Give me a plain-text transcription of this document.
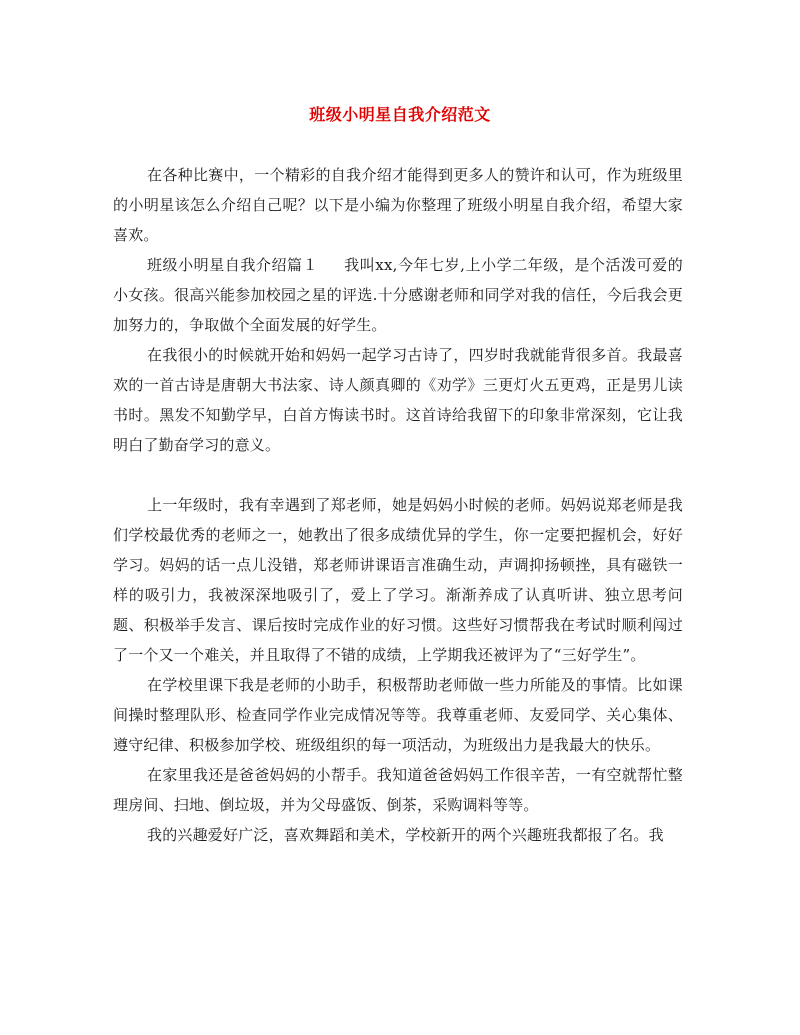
班级小明星自我介绍范文

在各种比赛中，一个精彩的自我介绍才能得到更多人的赞许和认可，作为班级里的小明星该怎么介绍自己呢？以下是小编为你整理了班级小明星自我介绍，希望大家喜欢。

班级小明星自我介绍篇１ 我叫xx,今年七岁,上小学二年级，是个活泼可爱的小女孩。很高兴能参加校园之星的评选.十分感谢老师和同学对我的信任，今后我会更加努力的，争取做个全面发展的好学生。

在我很小的时候就开始和妈妈一起学习古诗了，四岁时我就能背很多首。我最喜欢的一首古诗是唐朝大书法家、诗人颜真卿的《劝学》三更灯火五更鸡，正是男儿读书时。黑发不知勤学早，白首方悔读书时。这首诗给我留下的印象非常深刻，它让我明白了勤奋学习的意义。

上一年级时，我有幸遇到了郑老师，她是妈妈小时候的老师。妈妈说郑老师是我们学校最优秀的老师之一，她教出了很多成绩优异的学生，你一定要把握机会，好好学习。妈妈的话一点儿没错，郑老师讲课语言准确生动，声调抑扬顿挫，具有磁铁一样的吸引力，我被深深地吸引了，爱上了学习。渐渐养成了认真听讲、独立思考问题、积极举手发言、课后按时完成作业的好习惯。这些好习惯帮我在考试时顺利闯过了一个又一个难关，并且取得了不错的成绩，上学期我还被评为了“三好学生”。

在学校里课下我是老师的小助手，积极帮助老师做一些力所能及的事情。比如课间操时整理队形、检查同学作业完成情况等等。我尊重老师、友爱同学、关心集体、遵守纪律、积极参加学校、班级组织的每一项活动，为班级出力是我最大的快乐。

在家里我还是爸爸妈妈的小帮手。我知道爸爸妈妈工作很辛苦，一有空就帮忙整理房间、扫地、倒垃圾，并为父母盛饭、倒茶，采购调料等等。

我的兴趣爱好广泛，喜欢舞蹈和美术，学校新开的两个兴趣班我都报了名。我
